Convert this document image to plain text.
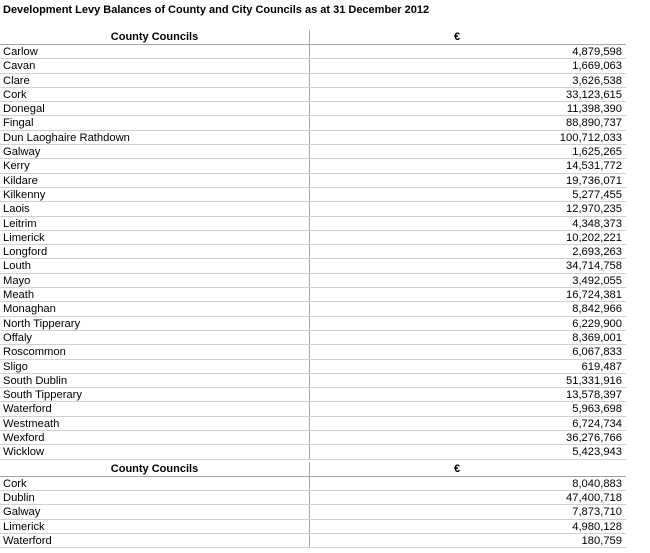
Development Levy Balances of County and City Councils as at 31 December 2012
County Councils	€
Carlow	4,879,598
Cavan	1,669,063
Clare	3,626,538
Cork	33,123,615
Donegal	11,398,390
Fingal	88,890,737
Dun Laoghaire Rathdown	100,712,033
Galway	1,625,265
Kerry	14,531,772
Kildare	19,736,071
Kilkenny	5,277,455
Laois	12,970,235
Leitrim	4,348,373
Limerick	10,202,221
Longford	2,693,263
Louth	34,714,758
Mayo	3,492,055
Meath	16,724,381
Monaghan	8,842,966
North Tipperary	6,229,900
Offaly	8,369,001
Roscommon	6,067,833
Sligo	619,487
South Dublin	51,331,916
South Tipperary	13,578,397
Waterford	5,963,698
Westmeath	6,724,734
Wexford	36,276,766
Wicklow	5,423,943
County Councils	€
Cork	8,040,883
Dublin	47,400,718
Galway	7,873,710
Limerick	4,980,128
Waterford	180,759
